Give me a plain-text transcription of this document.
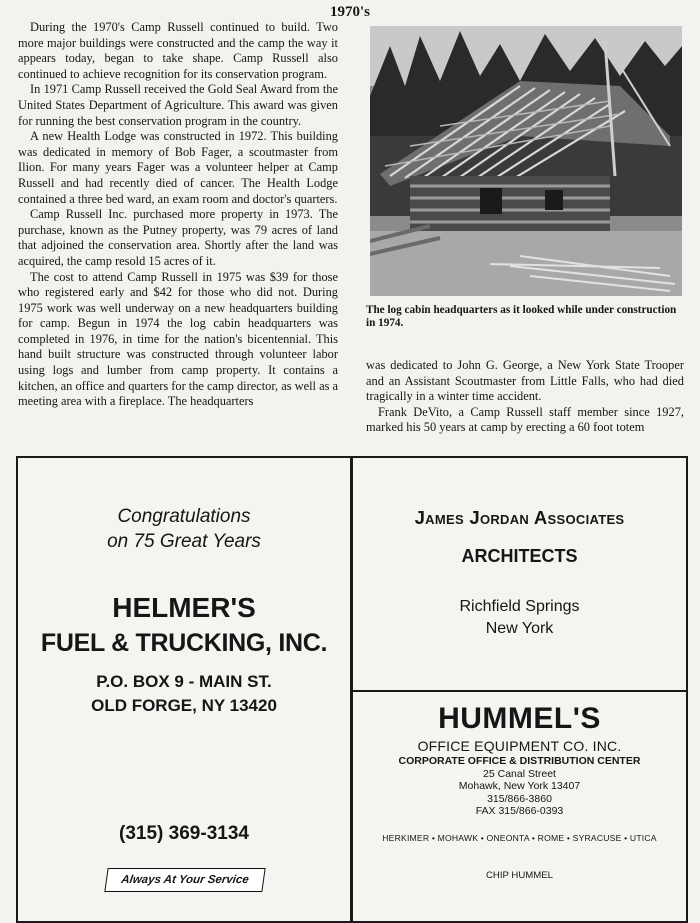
1970's

During the 1970's Camp Russell continued to build. Two more major buildings were constructed and the camp the way it appears today, began to take shape. Camp Russell also continued to achieve recognition for its conservation program.

In 1971 Camp Russell received the Gold Seal Award from the United States Department of Agriculture. This award was given for running the best conservation program in the country.

A new Health Lodge was constructed in 1972. This building was dedicated in memory of Bob Fager, a scoutmaster from Ilion. For many years Fager was a volunteer helper at Camp Russell and had recently died of cancer. The Health Lodge contained a three bed ward, an exam room and doctor's quarters.

Camp Russell Inc. purchased more property in 1973. The purchase, known as the Putney property, was 79 acres of land that adjoined the conservation area. Shortly after the land was acquired, the camp resold 15 acres of it.

The cost to attend Camp Russell in 1975 was $39 for those who registered early and $42 for those who did not. During 1975 work was well underway on a new headquarters building for camp. Begun in 1974 the log cabin headquarters was completed in 1976, in time for the nation's bicentennial. This hand built structure was constructed through volunteer labor using logs and lumber from camp property. It contains a kitchen, an office and quarters for the camp director, as well as a meeting area with a fireplace. The headquarters

The log cabin headquarters as it looked while under construction in 1974.

was dedicated to John G. George, a New York State Trooper and an Assistant Scoutmaster from Little Falls, who had died tragically in a winter time accident.

Frank DeVito, a Camp Russell staff member since 1927, marked his 50 years at camp by erecting a 60 foot totem

Congratulations
on 75 Great Years
HELMER'S
FUEL & TRUCKING, INC.
P.O. BOX 9 - MAIN ST.
OLD FORGE, NY 13420
(315) 369-3134
Always At Your Service
James Jordan Associates
ARCHITECTS
Richfield Springs
New York
HUMMEL'S
OFFICE EQUIPMENT CO. INC.
CORPORATE OFFICE & DISTRIBUTION CENTER
25 Canal Street
Mohawk, New York 13407
315/866-3860
FAX 315/866-0393
HERKIMER • MOHAWK • ONEONTA • ROME • SYRACUSE • UTICA
CHIP HUMMEL
